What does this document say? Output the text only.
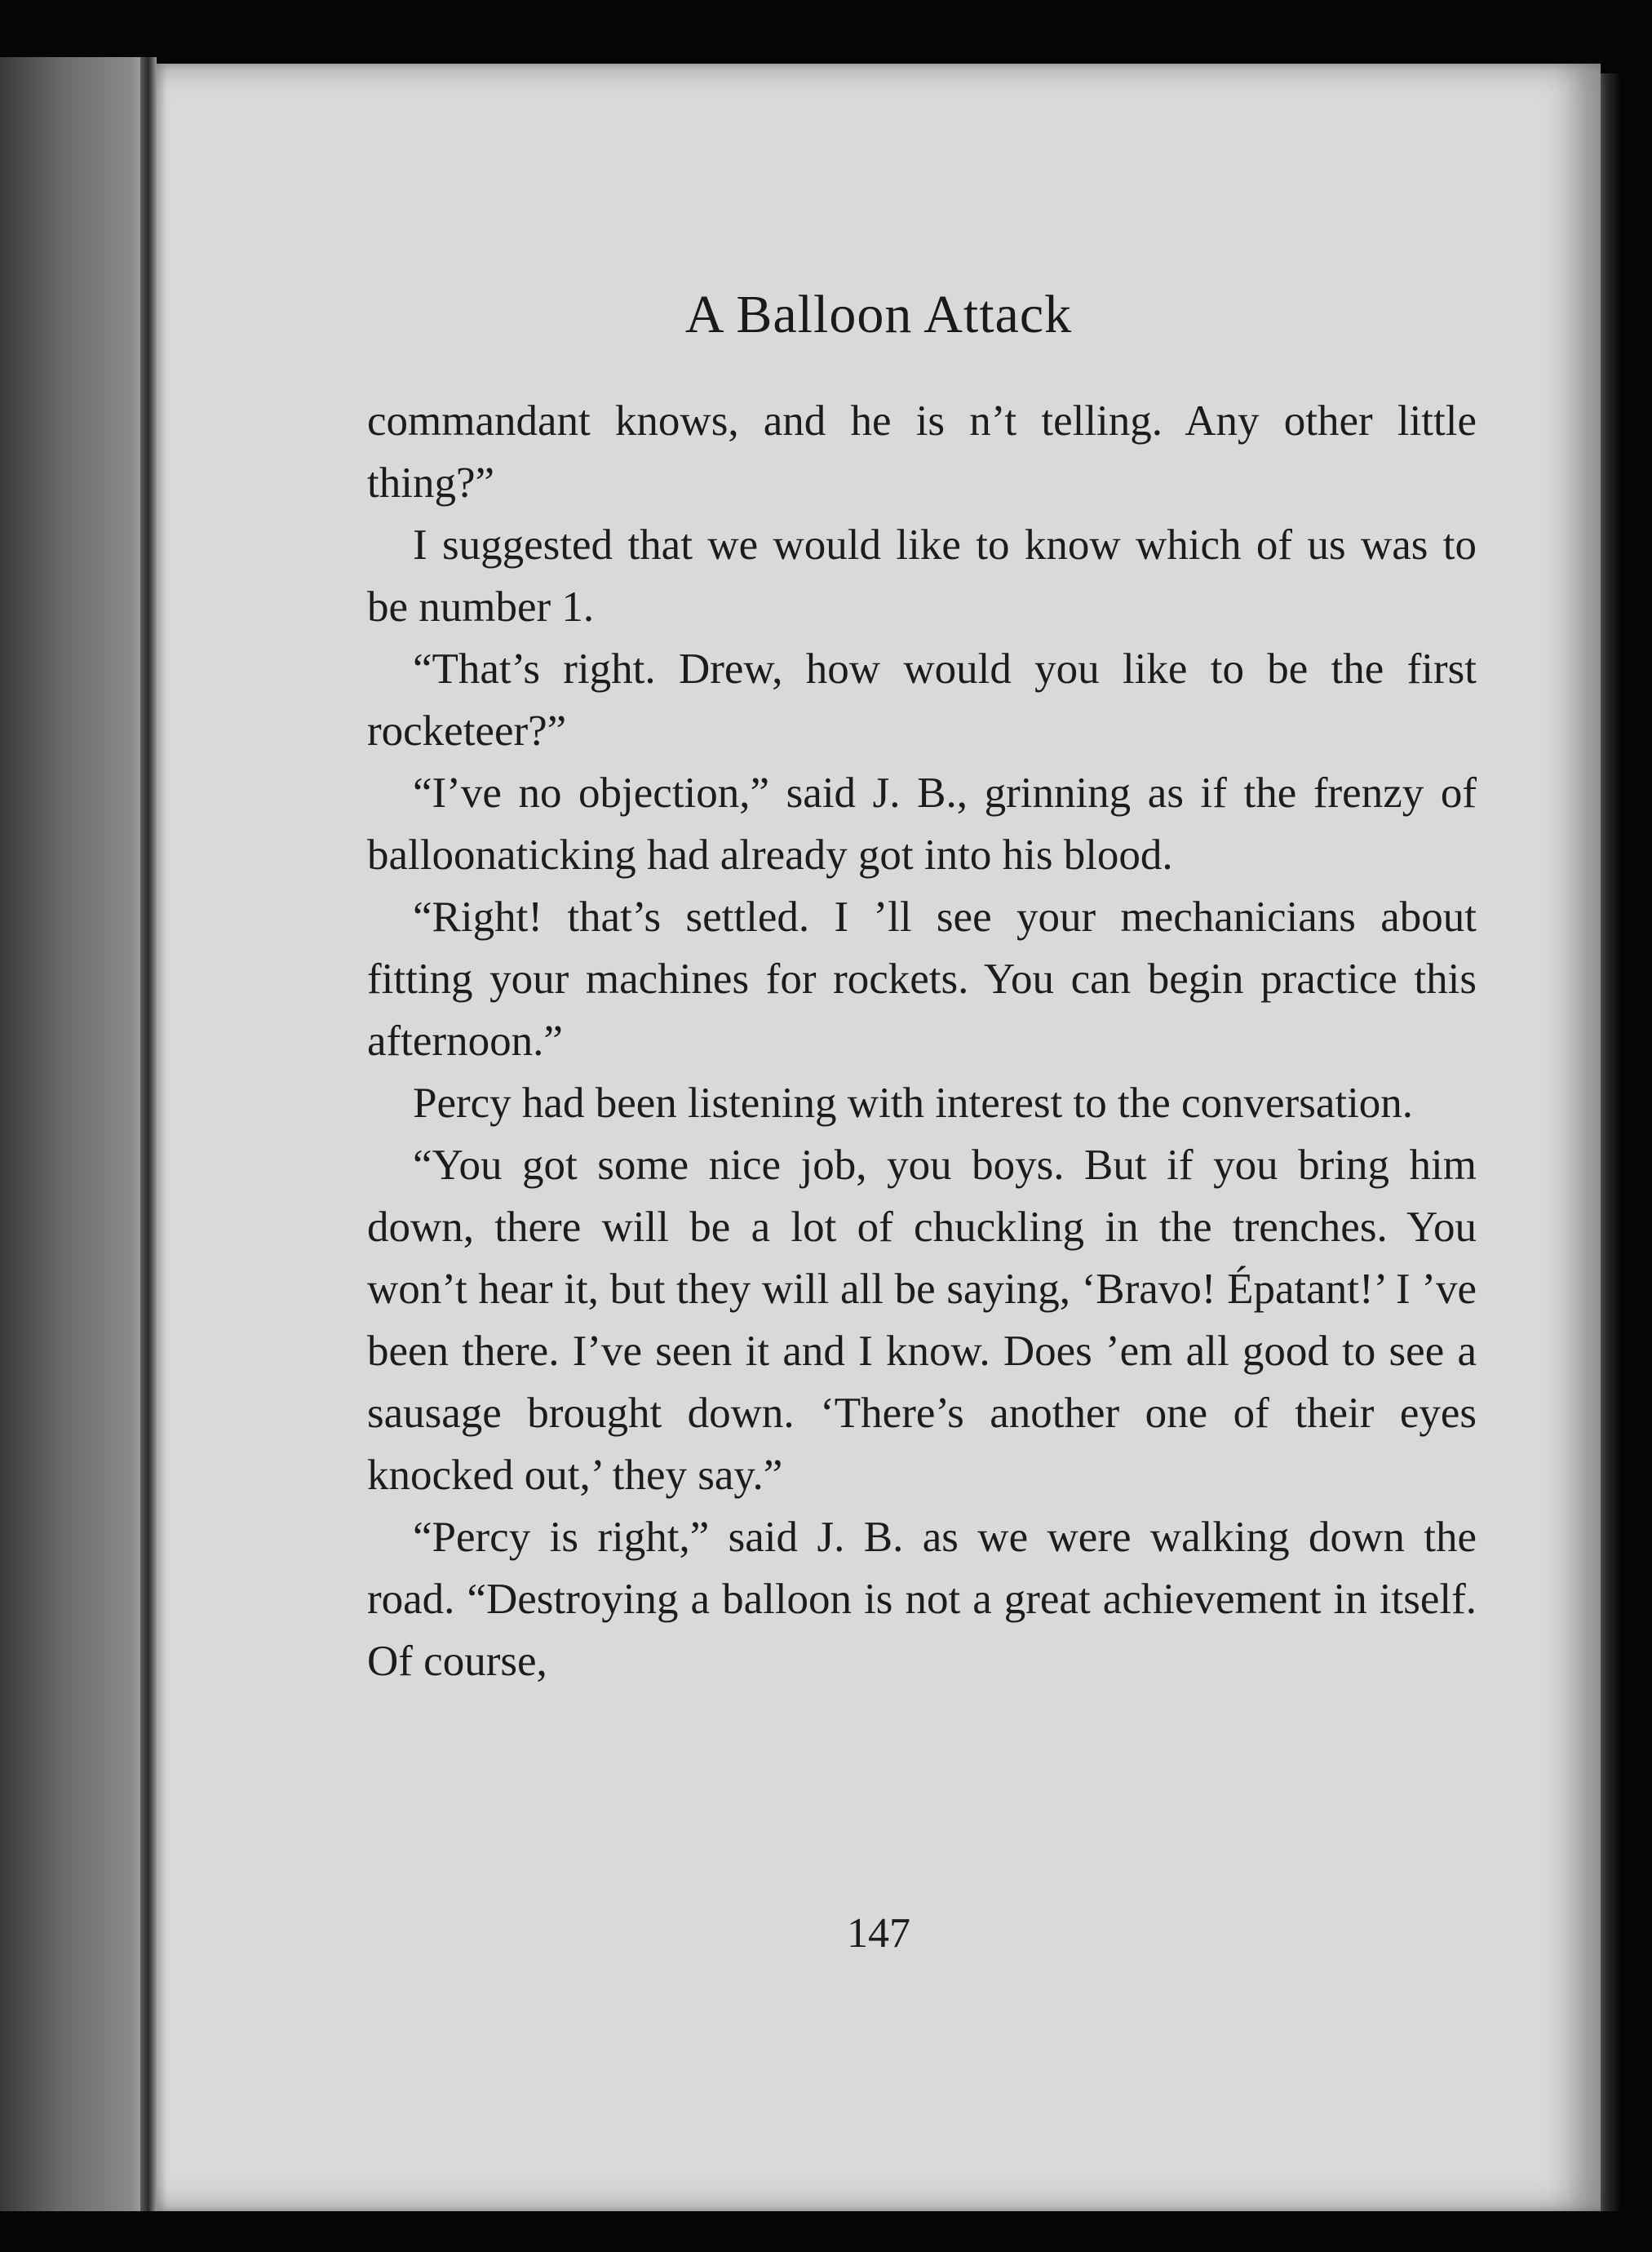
A Balloon Attack

commandant knows, and he is n’t telling. Any other little thing?”

I suggested that we would like to know which of us was to be number 1.

“That’s right. Drew, how would you like to be the first rocketeer?”

“I’ve no objection,” said J. B., grinning as if the frenzy of balloonaticking had already got into his blood.

“Right! that’s settled. I ’ll see your mechanicians about fitting your machines for rockets. You can begin practice this afternoon.”

Percy had been listening with interest to the conversation.

“You got some nice job, you boys. But if you bring him down, there will be a lot of chuckling in the trenches. You won’t hear it, but they will all be saying, ‘Bravo! Épatant!’ I ’ve been there. I’ve seen it and I know. Does ’em all good to see a sausage brought down. ‘There’s another one of their eyes knocked out,’ they say.”

“Percy is right,” said J. B. as we were walking down the road. “Destroying a balloon is not a great achievement in itself. Of course,

147
